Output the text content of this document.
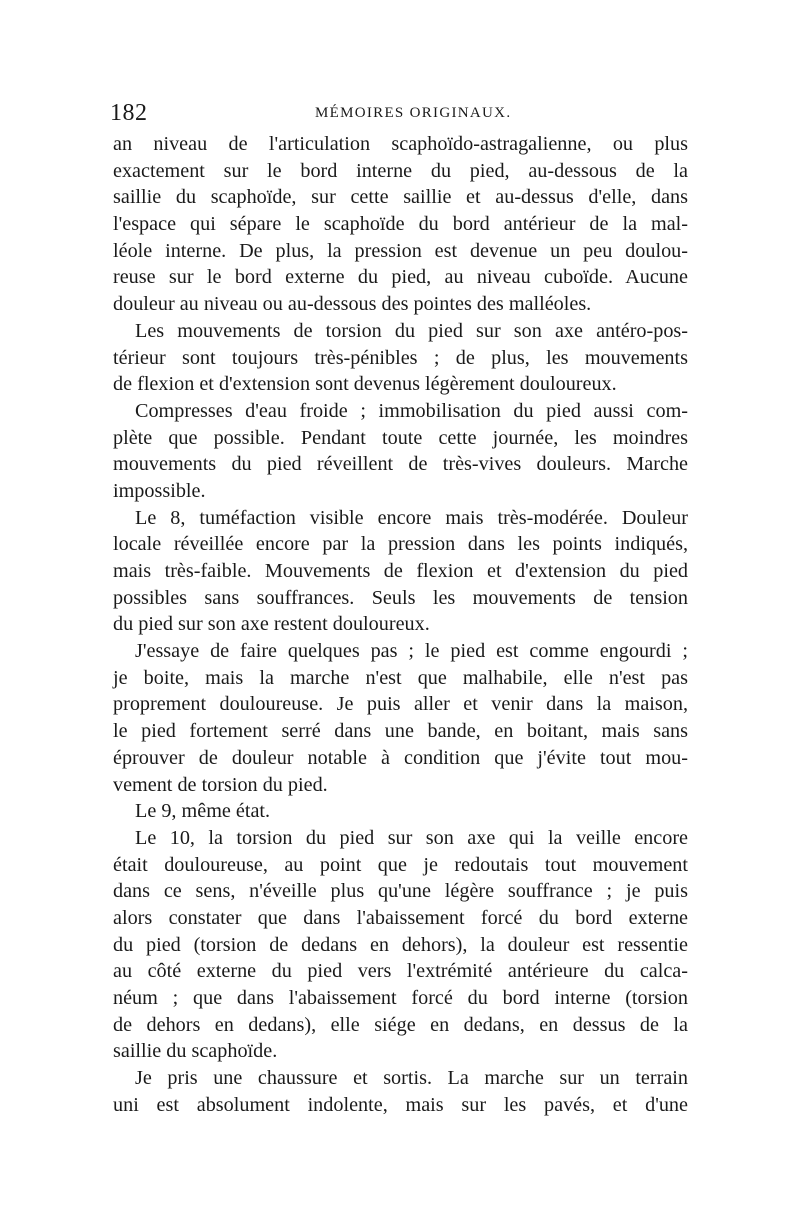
182	MÉMOIRES ORIGINAUX.
an niveau de l'articulation scaphoïdo-astragalienne, ou plus
exactement sur le bord interne du pied, au-dessous de la
saillie du scaphoïde, sur cette saillie et au-dessus d'elle, dans
l'espace qui sépare le scaphoïde du bord antérieur de la mal-
léole interne. De plus, la pression est devenue un peu doulou-
reuse sur le bord externe du pied, au niveau cuboïde. Aucune
douleur au niveau ou au-dessous des pointes des malléoles.
Les mouvements de torsion du pied sur son axe antéro-pos-
térieur sont toujours très-pénibles ; de plus, les mouvements
de flexion et d'extension sont devenus légèrement douloureux.
Compresses d'eau froide ; immobilisation du pied aussi com-
plète que possible. Pendant toute cette journée, les moindres
mouvements du pied réveillent de très-vives douleurs. Marche
impossible.
Le 8, tuméfaction visible encore mais très-modérée. Douleur
locale réveillée encore par la pression dans les points indiqués,
mais très-faible. Mouvements de flexion et d'extension du pied
possibles sans souffrances. Seuls les mouvements de tension
du pied sur son axe restent douloureux.
J'essaye de faire quelques pas ; le pied est comme engourdi ;
je boite, mais la marche n'est que malhabile, elle n'est pas
proprement douloureuse. Je puis aller et venir dans la maison,
le pied fortement serré dans une bande, en boitant, mais sans
éprouver de douleur notable à condition que j'évite tout mou-
vement de torsion du pied.
Le 9, même état.
Le 10, la torsion du pied sur son axe qui la veille encore
était douloureuse, au point que je redoutais tout mouvement
dans ce sens, n'éveille plus qu'une légère souffrance ; je puis
alors constater que dans l'abaissement forcé du bord externe
du pied (torsion de dedans en dehors), la douleur est ressentie
au côté externe du pied vers l'extrémité antérieure du calca-
néum ; que dans l'abaissement forcé du bord interne (torsion
de dehors en dedans), elle siége en dedans, en dessus de la
saillie du scaphoïde.
Je pris une chaussure et sortis. La marche sur un terrain
uni est absolument indolente, mais sur les pavés, et d'une
